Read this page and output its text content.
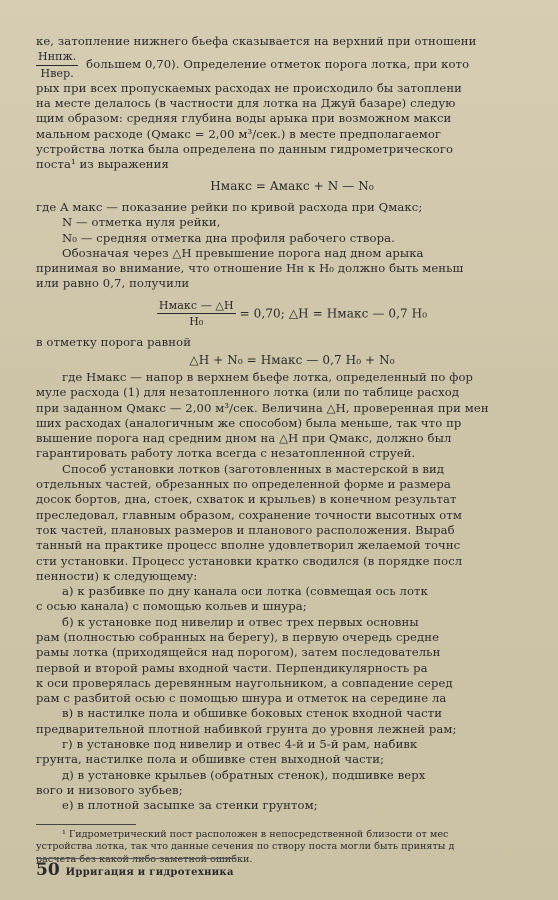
ке, затопление нижнего бьефа сказывается на верхний при отношени

$\frac{\text{Hнпж.}}{\text{Hвер.}}$ большем 0,70). Определение отметок порога лотка, при кото

рых при всех пропускаемых расходах не происходило бы затоплени

на месте делалось (в частности для лотка на Джуй базаре) следую

щим образом: средняя глубина воды арыка при возможном макси

мальном расходе (Qмакс = 2,00 м³/сек.) в месте предполагаемог

устройства лотка была определена по данным гидрометрического

поста¹ из выражения

Hмакс = Aмакс + N — N₀

где A макс — показание рейки по кривой расхода при Qмакс;

N — отметка нуля рейки,

N₀ — средняя отметка дна профиля рабочего створа.

Обозначая через △H превышение порога над дном арыка

принимая во внимание, что отношение Hн к H₀ должно быть меньш

или равно 0,7, получили

$\frac{\text{Hмакс — △H}}{\text{H₀}} = 0,70$; △H = Hмакс — 0,7 H₀

в отметку порога равной

△H + N₀ = Hмакс — 0,7 H₀ + N₀

где Hмакс — напор в верхнем бьефе лотка, определенный по фор

муле расхода (1) для незатопленного лотка (или по таблице расход

при заданном Qмакс — 2,00 м³/сек. Величина △H, проверенная при мен

ших расходах (аналогичным же способом) была меньше, так что пр

вышение порога над средним дном на △H при Qмакс, должно был

гарантировать работу лотка всегда с незатопленной струей.

Способ установки лотков (заготовленных в мастерской в вид

отдельных частей, обрезанных по определенной форме и размера

досок бортов, дна, стоек, схваток и крыльев) в конечном результат

преследовал, главным образом, сохранение точности высотных отм

ток частей, плановых размеров и планового расположения. Выраб

танный на практике процесс вполне удовлетворил желаемой точнс

сти установки. Процесс установки кратко сводился (в порядке посл

пенности) к следующему:

а) к разбивке по дну канала оси лотка (совмещая ось лотк

с осью канала) с помощью кольев и шнура;

б) к установке под нивелир и отвес трех первых основны

рам (полностью собранных на берегу), в первую очередь средне

рамы лотка (приходящейся над порогом), затем последовательн

первой и второй рамы входной части. Перпендикулярность ра

к оси проверялась деревянным наугольником, а совпадение серед

рам с разбитой осью с помощью шнура и отметок на середине ла

в) в настилке пола и обшивке боковых стенок входной части

предварительной плотной набивкой грунта до уровня лежней рам;

г) в установке под нивелир и отвес 4-й и 5-й рам, набивк

грунта, настилке пола и обшивке стен выходной части;

д) в установке крыльев (обратных стенок), подшивке верх

вого и низового зубьев;

е) в плотной засыпке за стенки грунтом;

¹ Гидрометрический пост расположен в непосредственной близости от мес

устройства лотка, так что данные сечения по створу поста могли быть приняты д

расчета без какой либо заметной ошибки.

50 Ирригация и гидротехника
